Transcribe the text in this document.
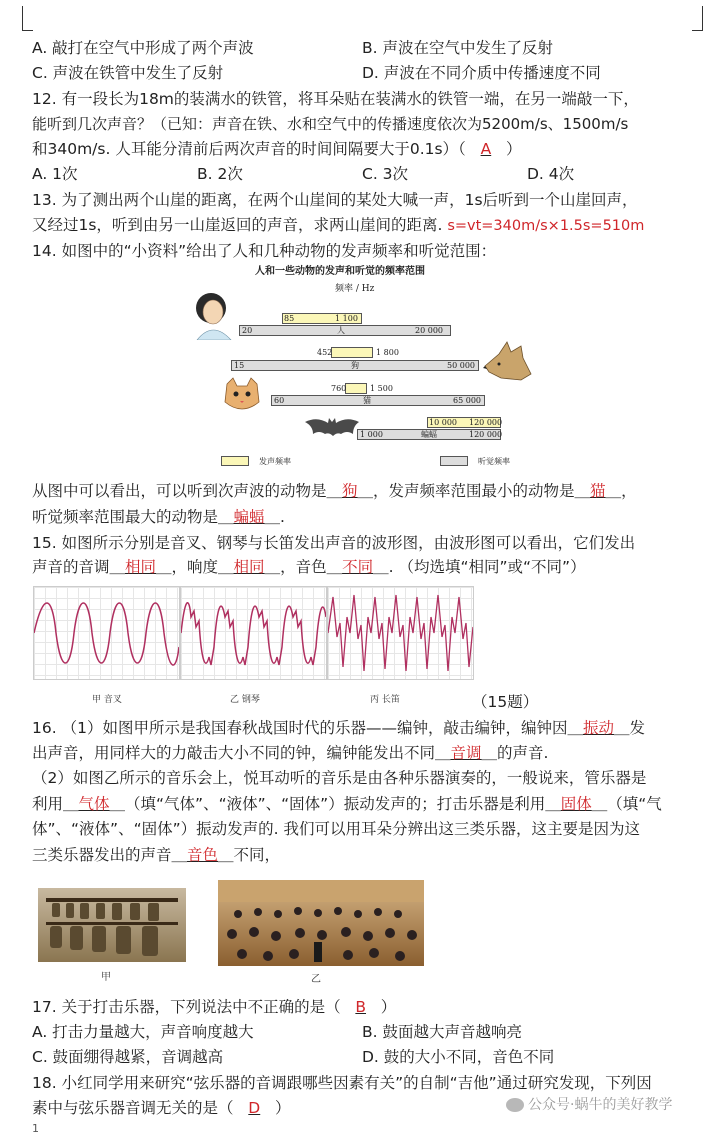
A. 敲打在空气中形成了两个声波	B. 声波在空气中发生了反射
C. 声波在铁管中发生了反射	D. 声波在不同介质中传播速度不同
12. 有一段长为18m的装满水的铁管，将耳朵贴在装满水的铁管一端，在另一端敲一下，
能听到几次声音？（已知：声音在铁、水和空气中的传播速度依次为5200m/s、1500m/s
和340m/s. 人耳能分清前后两次声音的时间间隔要大于0.1s）（ A ）
A. 1次	B. 2次	C. 3次	D. 4次
13. 为了测出两个山崖的距离，在两个山崖间的某处大喊一声，1s后听到一个山崖回声，
又经过1s，听到由另一山崖返回的声音，求两山崖间的距离. s=vt=340m/s×1.5s=510m
14. 如图中的“小资料”给出了人和几种动物的发声频率和听觉范围：
人和一些动物的发声和听觉的频率范围
频率 / Hz
85	1 100
20	人	20 000
452	1 800
15	狗	50 000
760	1 500
60	猫	65 000
10 000 120 000
1 000	蝙蝠	120 000
发声频率	听觉频率
从图中可以看出，可以听到次声波的动物是＿狗＿，发声频率范围最小的动物是＿猫＿，
听觉频率范围最大的动物是＿蝙蝠＿.
15. 如图所示分别是音叉、钢琴与长笛发出声音的波形图，由波形图可以看出，它们发出
声音的音调＿相同＿，响度＿相同＿，音色＿不同＿. （均选填“相同”或“不同”）
甲 音叉	乙 钢琴	丙 长笛	（15题）
16. （1）如图甲所示是我国春秋战国时代的乐器——编钟，敲击编钟，编钟因＿振动＿发
出声音，用同样大的力敲击大小不同的钟，编钟能发出不同＿音调＿的声音.
（2）如图乙所示的音乐会上，悦耳动听的音乐是由各种乐器演奏的，一般说来，管乐器是
利用＿气体＿（填“气体”、“液体”、“固体”）振动发声的；打击乐器是利用＿固体＿（填“气
体”、“液体”、“固体”）振动发声的. 我们可以用耳朵分辨出这三类乐器，这主要是因为这
三类乐器发出的声音＿音色＿不同，
甲	乙
17. 关于打击乐器，下列说法中不正确的是（ B ）
A. 打击力量越大，声音响度越大	B. 鼓面越大声音越响亮
C. 鼓面绷得越紧，音调越高	D. 鼓的大小不同，音色不同
18. 小红同学用来研究“弦乐器的音调跟哪些因素有关”的自制“吉他”通过研究发现，下列因
素中与弦乐器音调无关的是（ D ）	公众号·蜗牛的美好教学
1
